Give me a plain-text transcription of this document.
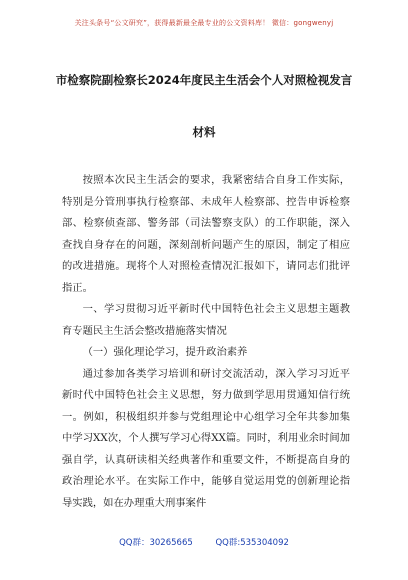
关注头条号“公文研究”，获得最新最全最专业的公文资料库！ 微信：gongwenyj
市检察院副检察长2024年度民主生活会个人对照检视发言
材料

按照本次民主生活会的要求，我紧密结合自身工作实际，特别是分管刑事执行检察部、未成年人检察部、控告申诉检察部、检察侦查部、警务部（司法警察支队）的工作职能，深入查找自身存在的问题，深刻剖析问题产生的原因，制定了相应的改进措施。现将个人对照检查情况汇报如下，请同志们批评指正。

一、学习贯彻习近平新时代中国特色社会主义思想主题教育专题民主生活会整改措施落实情况

（一）强化理论学习，提升政治素养

通过参加各类学习培训和研讨交流活动，深入学习习近平新时代中国特色社会主义思想，努力做到学思用贯通知信行统一。例如，积极组织并参与党组理论中心组学习全年共参加集中学习XX次，个人撰写学习心得XX篇。同时，利用业余时间加强自学，认真研读相关经典著作和重要文件，不断提高自身的政治理论水平。在实际工作中，能够自觉运用党的创新理论指导实践，如在办理重大刑事案件

QQ群：30265665	QQ群:535304092
